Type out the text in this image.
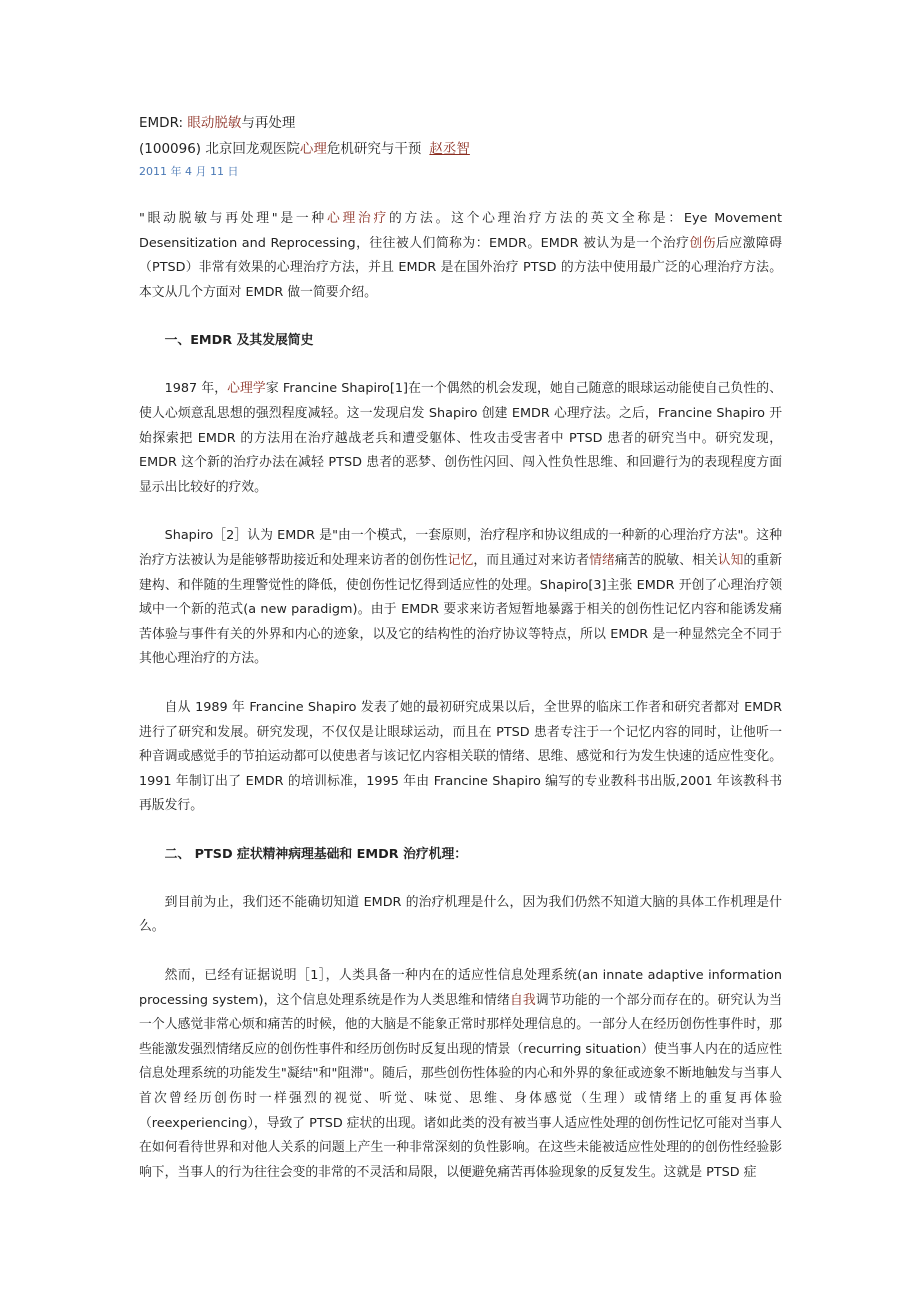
EMDR: 眼动脱敏与再处理

(100096) 北京回龙观医院心理危机研究与干预 赵丞智

2011 年 4 月 11 日

"眼动脱敏与再处理"是一种心理治疗的方法。这个心理治疗方法的英文全称是：Eye Movement Desensitization and Reprocessing，往往被人们简称为：EMDR。EMDR 被认为是一个治疗创伤后应激障碍（PTSD）非常有效果的心理治疗方法，并且 EMDR 是在国外治疗 PTSD 的方法中使用最广泛的心理治疗方法。本文从几个方面对 EMDR 做一简要介绍。

一、EMDR 及其发展简史

1987 年，心理学家 Francine Shapiro[1]在一个偶然的机会发现，她自己随意的眼球运动能使自己负性的、使人心烦意乱思想的强烈程度减轻。这一发现启发 Shapiro 创建 EMDR 心理疗法。之后，Francine Shapiro 开始探索把 EMDR 的方法用在治疗越战老兵和遭受躯体、性攻击受害者中 PTSD 患者的研究当中。研究发现，EMDR 这个新的治疗办法在减轻 PTSD 患者的恶梦、创伤性闪回、闯入性负性思维、和回避行为的表现程度方面显示出比较好的疗效。

Shapiro［2］认为 EMDR 是"由一个模式，一套原则，治疗程序和协议组成的一种新的心理治疗方法"。这种治疗方法被认为是能够帮助接近和处理来访者的创伤性记忆，而且通过对来访者情绪痛苦的脱敏、相关认知的重新建构、和伴随的生理警觉性的降低，使创伤性记忆得到适应性的处理。Shapiro[3]主张 EMDR 开创了心理治疗领域中一个新的范式(a new paradigm)。由于 EMDR 要求来访者短暂地暴露于相关的创伤性记忆内容和能诱发痛苦体验与事件有关的外界和内心的迹象，以及它的结构性的治疗协议等特点，所以 EMDR 是一种显然完全不同于其他心理治疗的方法。

自从 1989 年 Francine Shapiro 发表了她的最初研究成果以后，全世界的临床工作者和研究者都对 EMDR 进行了研究和发展。研究发现，不仅仅是让眼球运动，而且在 PTSD 患者专注于一个记忆内容的同时，让他听一种音调或感觉手的节拍运动都可以使患者与该记忆内容相关联的情绪、思维、感觉和行为发生快速的适应性变化。1991 年制订出了 EMDR 的培训标准，1995 年由 Francine Shapiro 编写的专业教科书出版,2001 年该教科书再版发行。

二、 PTSD 症状精神病理基础和 EMDR 治疗机理：

到目前为止，我们还不能确切知道 EMDR 的治疗机理是什么，因为我们仍然不知道大脑的具体工作机理是什么。

然而，已经有证据说明［1］，人类具备一种内在的适应性信息处理系统(an innate adaptive information processing system)，这个信息处理系统是作为人类思维和情绪自我调节功能的一个部分而存在的。研究认为当一个人感觉非常心烦和痛苦的时候，他的大脑是不能象正常时那样处理信息的。一部分人在经历创伤性事件时，那些能激发强烈情绪反应的创伤性事件和经历创伤时反复出现的情景（recurring situation）使当事人内在的适应性信息处理系统的功能发生"凝结"和"阻滞"。随后，那些创伤性体验的内心和外界的象征或迹象不断地触发与当事人首次曾经历创伤时一样强烈的视觉、听觉、味觉、思维、身体感觉（生理）或情绪上的重复再体验（reexperiencing），导致了 PTSD 症状的出现。诸如此类的没有被当事人适应性处理的创伤性记忆可能对当事人在如何看待世界和对他人关系的问题上产生一种非常深刻的负性影响。在这些未能被适应性处理的的创伤性经验影响下，当事人的行为往往会变的非常的不灵活和局限，以便避免痛苦再体验现象的反复发生。这就是 PTSD 症
